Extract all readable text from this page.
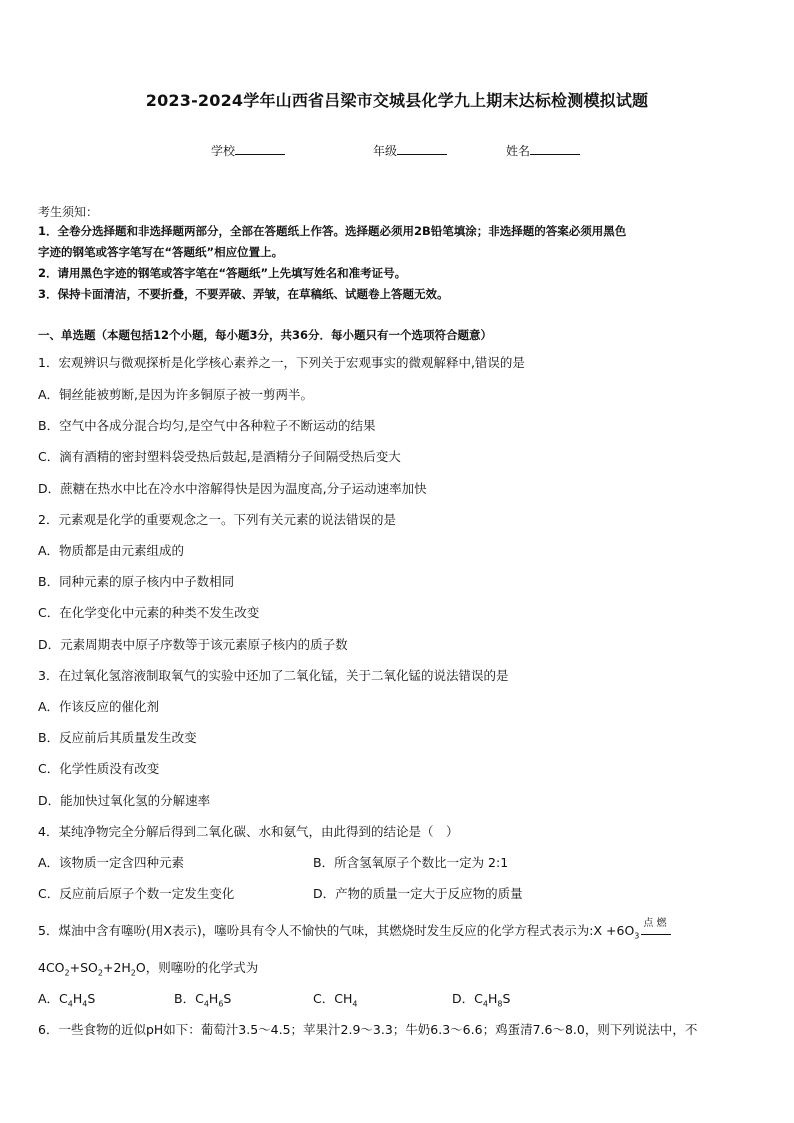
2023-2024学年山西省吕梁市交城县化学九上期末达标检测模拟试题
学校	年级	姓名
考生须知：
1．全卷分选择题和非选择题两部分，全部在答题纸上作答。选择题必须用2B铅笔填涂；非选择题的答案必须用黑色
字迹的钢笔或答字笔写在“答题纸”相应位置上。
2．请用黑色字迹的钢笔或答字笔在“答题纸”上先填写姓名和准考证号。
3．保持卡面清洁，不要折叠，不要弄破、弄皱，在草稿纸、试题卷上答题无效。
一、单选题（本题包括12个小题，每小题3分，共36分．每小题只有一个选项符合题意）
1．宏观辨识与微观探析是化学核心素养之一，下列关于宏观事实的微观解释中,错误的是
A．铜丝能被剪断,是因为许多铜原子被一剪两半。
B．空气中各成分混合均匀,是空气中各种粒子不断运动的结果
C．滴有酒精的密封塑料袋受热后鼓起,是酒精分子间隔受热后变大
D．蔗糖在热水中比在冷水中溶解得快是因为温度高,分子运动速率加快
2．元素观是化学的重要观念之一。下列有关元素的说法错误的是
A．物质都是由元素组成的
B．同种元素的原子核内中子数相同
C．在化学变化中元素的种类不发生改变
D．元素周期表中原子序数等于该元素原子核内的质子数
3．在过氧化氢溶液制取氧气的实验中还加了二氧化锰，关于二氧化锰的说法错误的是
A．作该反应的催化剂
B．反应前后其质量发生改变
C．化学性质没有改变
D．能加快过氧化氢的分解速率
4．某纯净物完全分解后得到二氧化碳、水和氨气，由此得到的结论是（　）
A．该物质一定含四种元素	B．所含氢氧原子个数比一定为 2:1
C．反应前后原子个数一定发生变化	D．产物的质量一定大于反应物的质量
5．煤油中含有噻吩(用X表示)，噻吩具有令人不愉快的气味，其燃烧时发生反应的化学方程式表示为:X $+6O_3$
点 燃
$4CO_2+SO_2+2H_2O$，则噻吩的化学式为
A．$C_4H_4S$	B．$C_4H_6S$	C．$CH_4$	D．$C_4H_8S$
6．一些食物的近似pH如下：葡萄汁3.5～4.5；苹果汁2.9～3.3；牛奶6.3～6.6；鸡蛋清7.6～8.0，则下列说法中，不
